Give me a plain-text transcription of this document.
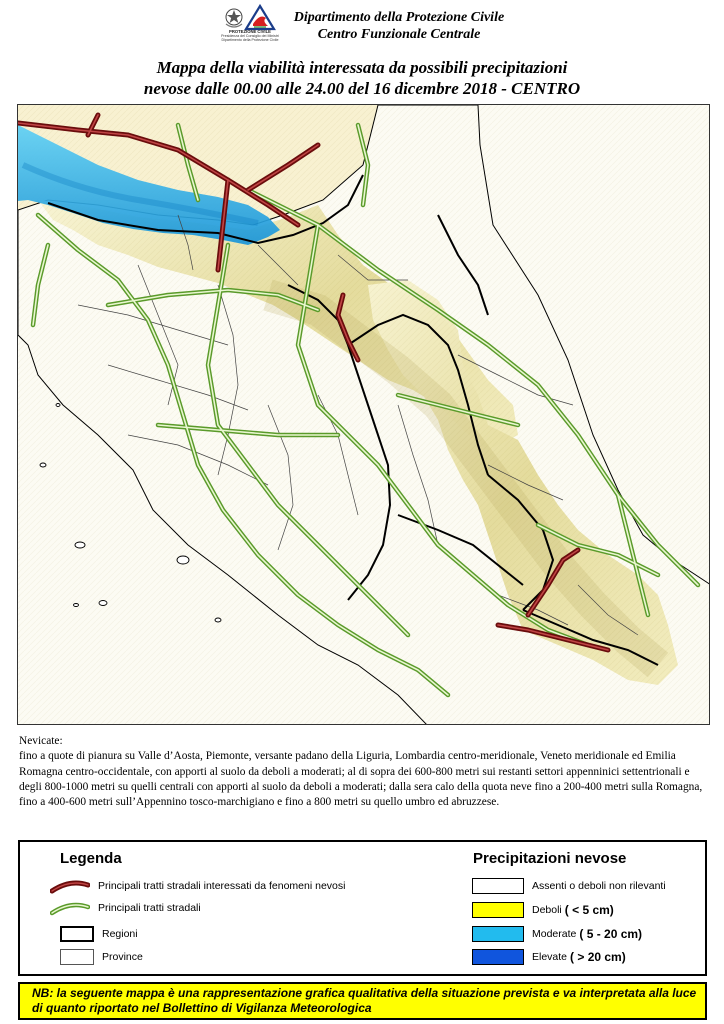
PROTEZIONE CIVILE
Presidenza del Consiglio dei Ministri
Dipartimento della Protezione Civile
Dipartimento della Protezione Civile
Centro Funzionale Centrale
Mappa della viabilità interessata da possibili precipitazioni
nevose dalle 00.00 alle 24.00 del 16 dicembre 2018 - CENTRO
Nevicate:
fino a quote di pianura su Valle d’Aosta, Piemonte, versante padano della Liguria, Lombardia centro-meridionale, Veneto meridionale ed Emilia Romagna centro-occidentale, con apporti al suolo da deboli a moderati; al di sopra dei 600-800 metri sui restanti settori appenninici settentrionali e degli 800-1000 metri su quelli centrali con apporti al suolo da deboli a moderati; dalla sera calo della quota neve fino a 200-400 metri sulla Romagna, fino a 400-600 metri sull’Appennino tosco-marchigiano e fino a 800 metri su quello umbro ed abruzzese.
Legenda
Principali tratti stradali interessati da fenomeni nevosi
Principali tratti stradali
Regioni
Province
Precipitazioni nevose
Assenti o deboli non rilevanti
Deboli ( < 5 cm)
Moderate ( 5 - 20 cm)
Elevate ( > 20 cm)
NB: la seguente mappa è una rappresentazione grafica qualitativa della situazione prevista e va interpretata alla luce di quanto riportato nel Bollettino di Vigilanza Meteorologica
